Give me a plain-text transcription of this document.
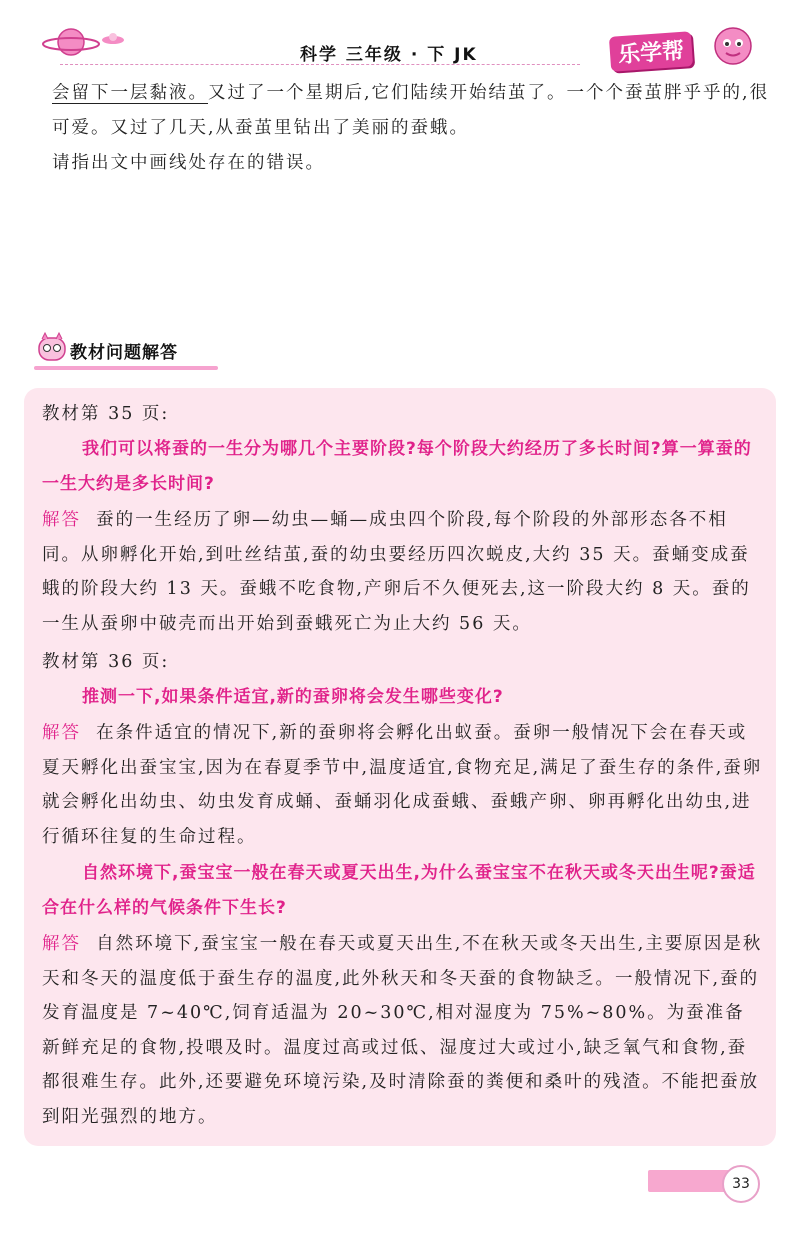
科学 三年级 · 下 JK	乐学帮
会留下一层黏液。又过了一个星期后,它们陆续开始结茧了。一个个蚕茧胖乎乎的,很可爱。又过了几天,从蚕茧里钻出了美丽的蚕蛾。
请指出文中画线处存在的错误。
教材问题解答
教材第 35 页:
我们可以将蚕的一生分为哪几个主要阶段?每个阶段大约经历了多长时间?算一算蚕的一生大约是多长时间?
解答 蚕的一生经历了卵—幼虫—蛹—成虫四个阶段,每个阶段的外部形态各不相同。从卵孵化开始,到吐丝结茧,蚕的幼虫要经历四次蜕皮,大约 35 天。蚕蛹变成蚕蛾的阶段大约 13 天。蚕蛾不吃食物,产卵后不久便死去,这一阶段大约 8 天。蚕的一生从蚕卵中破壳而出开始到蚕蛾死亡为止大约 56 天。
教材第 36 页:
推测一下,如果条件适宜,新的蚕卵将会发生哪些变化?
解答 在条件适宜的情况下,新的蚕卵将会孵化出蚁蚕。蚕卵一般情况下会在春天或夏天孵化出蚕宝宝,因为在春夏季节中,温度适宜,食物充足,满足了蚕生存的条件,蚕卵就会孵化出幼虫、幼虫发育成蛹、蚕蛹羽化成蚕蛾、蚕蛾产卵、卵再孵化出幼虫,进行循环往复的生命过程。
自然环境下,蚕宝宝一般在春天或夏天出生,为什么蚕宝宝不在秋天或冬天出生呢?蚕适合在什么样的气候条件下生长?
解答 自然环境下,蚕宝宝一般在春天或夏天出生,不在秋天或冬天出生,主要原因是秋天和冬天的温度低于蚕生存的温度,此外秋天和冬天蚕的食物缺乏。一般情况下,蚕的发育温度是 7~40℃,饲育适温为 20~30℃,相对湿度为 75%~80%。为蚕准备新鲜充足的食物,投喂及时。温度过高或过低、湿度过大或过小,缺乏氧气和食物,蚕都很难生存。此外,还要避免环境污染,及时清除蚕的粪便和桑叶的残渣。不能把蚕放到阳光强烈的地方。
33
